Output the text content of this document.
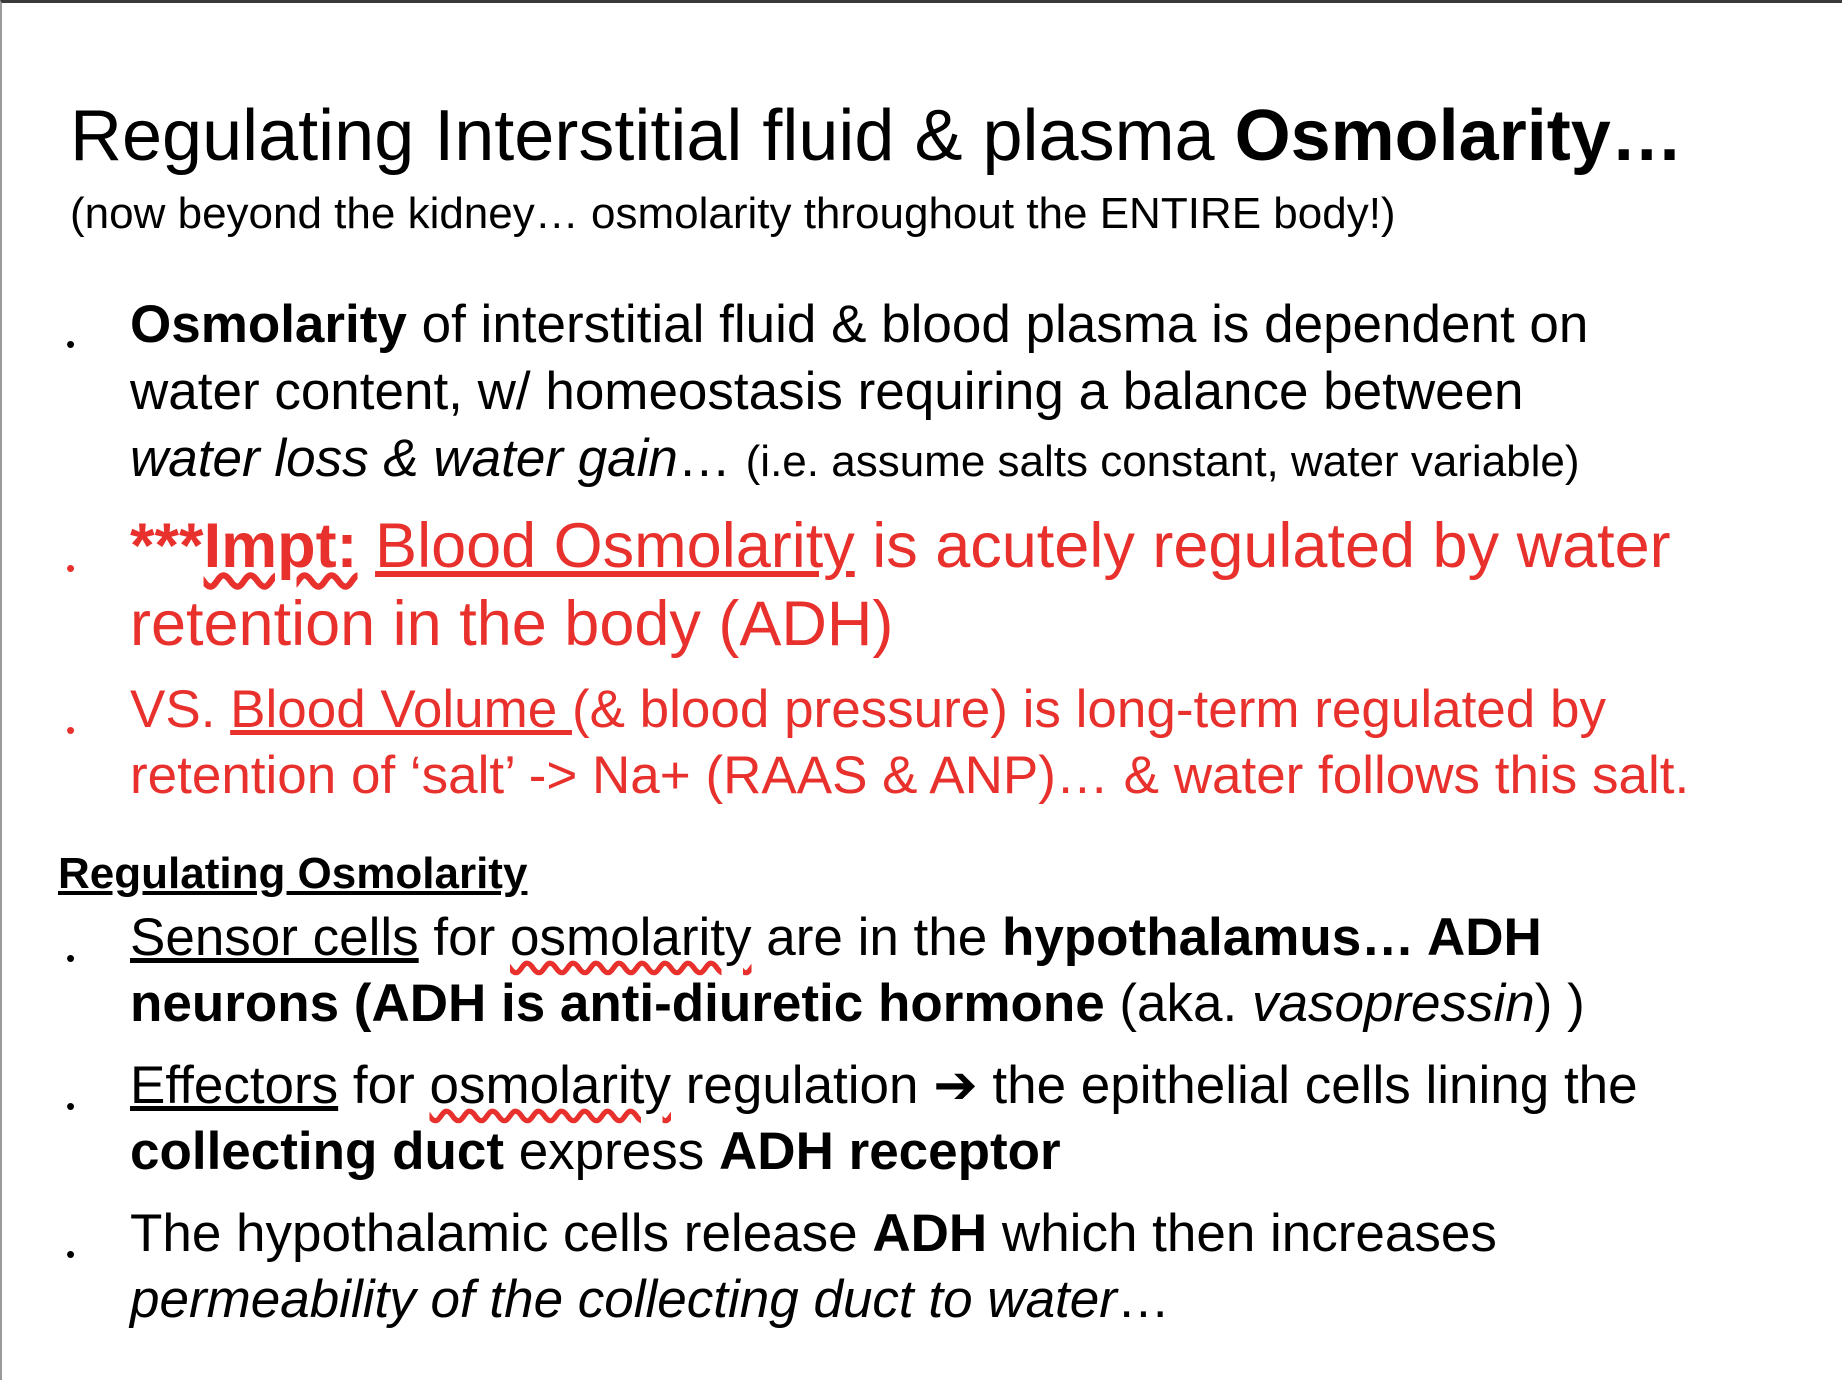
Regulating Interstitial fluid & plasma Osmolarity…
(now beyond the kidney… osmolarity throughout the ENTIRE body!)
• Osmolarity of interstitial fluid & blood plasma is dependent on
water content, w/ homeostasis requiring a balance between
water loss & water gain… (i.e. assume salts constant, water variable)
• ***Impt: Blood Osmolarity is acutely regulated by water
retention in the body (ADH)
• VS. Blood Volume (& blood pressure) is long-term regulated by
retention of ‘salt’ -> Na+ (RAAS & ANP)… & water follows this salt.
Regulating Osmolarity
• Sensor cells for osmolarity are in the hypothalamus… ADH
neurons (ADH is anti-diuretic hormone (aka. vasopressin) )
• Effectors for osmolarity regulation ➔ the epithelial cells lining the
collecting duct express ADH receptor
• The hypothalamic cells release ADH which then increases
permeability of the collecting duct to water…
